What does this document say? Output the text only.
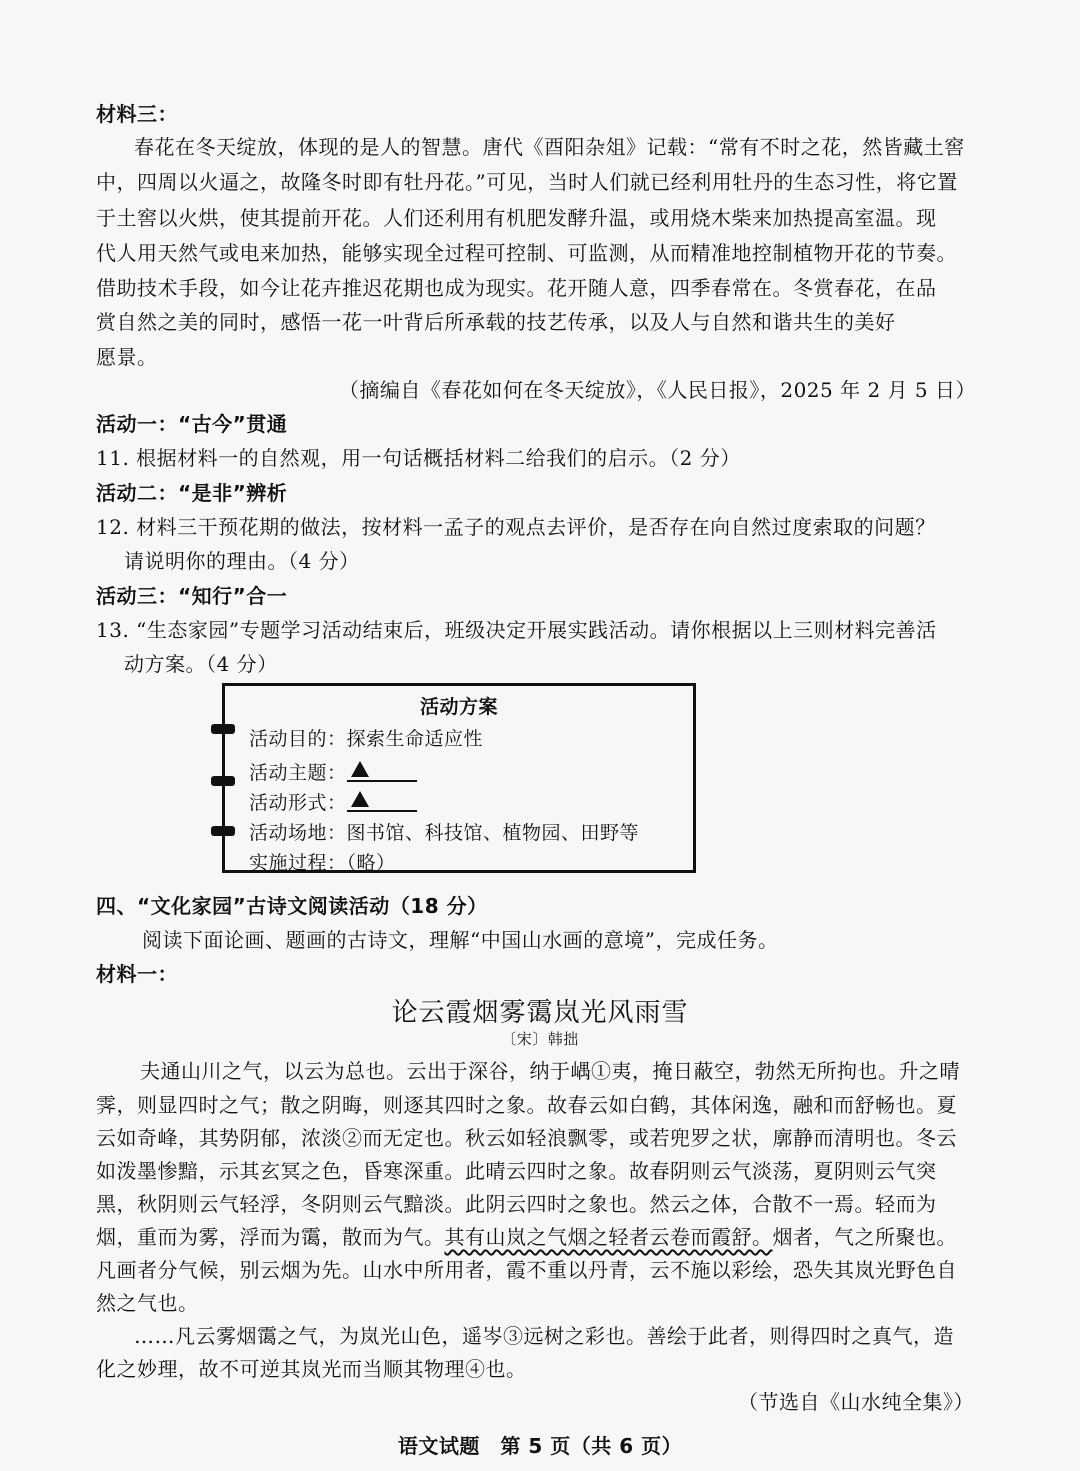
材料三：
春花在冬天绽放，体现的是人的智慧。唐代《酉阳杂俎》记载：“常有不时之花，然皆藏土窖
中，四周以火逼之，故隆冬时即有牡丹花。”可见，当时人们就已经利用牡丹的生态习性，将它置
于土窖以火烘，使其提前开花。人们还利用有机肥发酵升温，或用烧木柴来加热提高室温。现
代人用天然气或电来加热，能够实现全过程可控制、可监测，从而精准地控制植物开花的节奏。
借助技术手段，如今让花卉推迟花期也成为现实。花开随人意，四季春常在。冬赏春花，在品
赏自然之美的同时，感悟一花一叶背后所承载的技艺传承，以及人与自然和谐共生的美好
愿景。
（摘编自《春花如何在冬天绽放》，《人民日报》，2025 年 2 月 5 日）
活动一：“古今”贯通
11. 根据材料一的自然观，用一句话概括材料二给我们的启示。（2 分）
活动二：“是非”辨析
12. 材料三干预花期的做法，按材料一孟子的观点去评价，是否存在向自然过度索取的问题？
请说明你的理由。（4 分）
活动三：“知行”合一
13. “生态家园”专题学习活动结束后，班级决定开展实践活动。请你根据以上三则材料完善活
动方案。（4 分）
活动方案
活动目的：探索生命适应性
活动主题：
活动形式：
活动场地：图书馆、科技馆、植物园、田野等
实施过程：（略）
四、“文化家园”古诗文阅读活动（18 分）
阅读下面论画、题画的古诗文，理解“中国山水画的意境”，完成任务。
材料一：
论云霞烟雾霭岚光风雨雪
〔宋〕韩拙
夫通山川之气，以云为总也。云出于深谷，纳于嵎①夷，掩日蔽空，勃然无所拘也。升之晴
霁，则显四时之气；散之阴晦，则逐其四时之象。故春云如白鹤，其体闲逸，融和而舒畅也。夏
云如奇峰，其势阴郁，浓淡②而无定也。秋云如轻浪飘零，或若兜罗之状，廓静而清明也。冬云
如泼墨惨黯，示其玄冥之色，昏寒深重。此晴云四时之象。故春阴则云气淡荡，夏阴则云气突
黑，秋阴则云气轻浮，冬阴则云气黯淡。此阴云四时之象也。然云之体，合散不一焉。轻而为
烟，重而为雾，浮而为霭，散而为气。其有山岚之气烟之轻者云卷而霞舒。烟者，气之所聚也。
凡画者分气候，别云烟为先。山水中所用者，霞不重以丹青，云不施以彩绘，恐失其岚光野色自
然之气也。
……凡云雾烟霭之气，为岚光山色，遥岑③远树之彩也。善绘于此者，则得四时之真气，造
化之妙理，故不可逆其岚光而当顺其物理④也。
（节选自《山水纯全集》）
语文试题　第 5 页（共 6 页）
